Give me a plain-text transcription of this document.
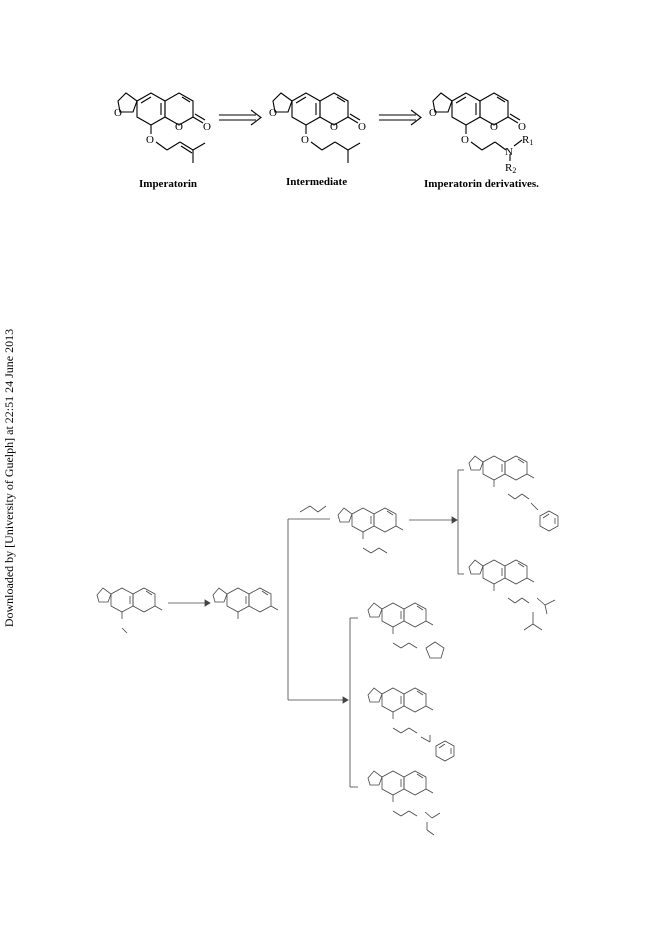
O
O O
O
O
O O
O
O
O O
O
N
R1
R2
Imperatorin	Intermediate	Imperatorin derivatives.
Downloaded by [University of Guelph] at 22:51 24 June 2013
